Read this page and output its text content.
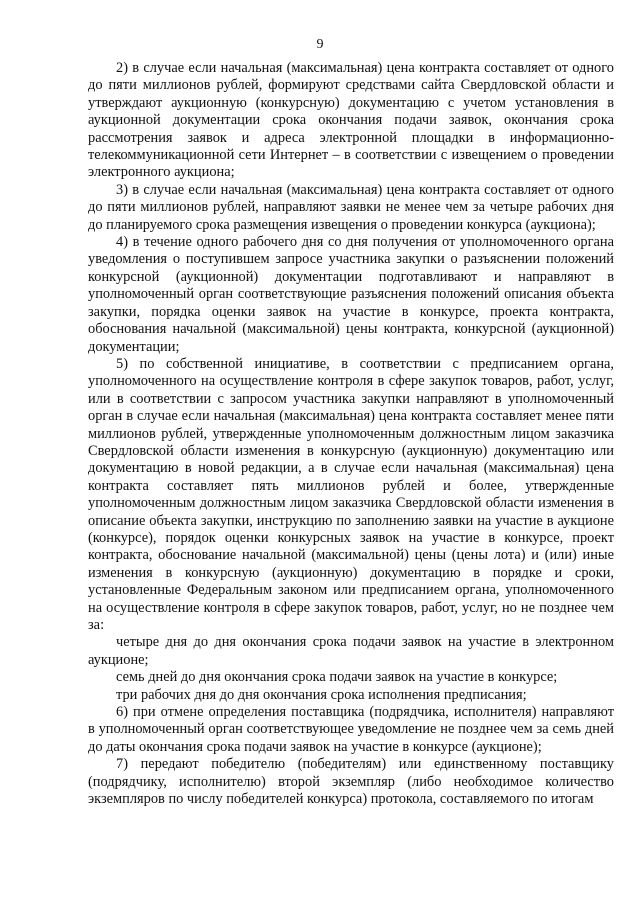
9

2) в случае если начальная (максимальная) цена контракта составляет от одного до пяти миллионов рублей, формируют средствами сайта Свердловской области и утверждают аукционную (конкурсную) документацию с учетом установления в аукционной документации срока окончания подачи заявок, окончания срока рассмотрения заявок и адреса электронной площадки в информационно-телекоммуникационной сети Интернет – в соответствии с извещением о проведении электронного аукциона;

3) в случае если начальная (максимальная) цена контракта составляет от одного до пяти миллионов рублей, направляют заявки не менее чем за четыре рабочих дня до планируемого срока размещения извещения о проведении конкурса (аукциона);

4) в течение одного рабочего дня со дня получения от уполномоченного органа уведомления о поступившем запросе участника закупки о разъяснении положений конкурсной (аукционной) документации подготавливают и направляют в уполномоченный орган соответствующие разъяснения положений описания объекта закупки, порядка оценки заявок на участие в конкурсе, проекта контракта, обоснования начальной (максимальной) цены контракта, конкурсной (аукционной) документации;

5) по собственной инициативе, в соответствии с предписанием органа, уполномоченного на осуществление контроля в сфере закупок товаров, работ, услуг, или в соответствии с запросом участника закупки направляют в уполномоченный орган в случае если начальная (максимальная) цена контракта составляет менее пяти миллионов рублей, утвержденные уполномоченным должностным лицом заказчика Свердловской области изменения в конкурсную (аукционную) документацию или документацию в новой редакции, а в случае если начальная (максимальная) цена контракта составляет пять миллионов рублей и более, утвержденные уполномоченным должностным лицом заказчика Свердловской области изменения в описание объекта закупки, инструкцию по заполнению заявки на участие в аукционе (конкурсе), порядок оценки конкурсных заявок на участие в конкурсе, проект контракта, обоснование начальной (максимальной) цены (цены лота) и (или) иные изменения в конкурсную (аукционную) документацию в порядке и сроки, установленные Федеральным законом или предписанием органа, уполномоченного на осуществление контроля в сфере закупок товаров, работ, услуг, но не позднее чем за:

четыре дня до дня окончания срока подачи заявок на участие в электронном аукционе;

семь дней до дня окончания срока подачи заявок на участие в конкурсе;

три рабочих дня до дня окончания срока исполнения предписания;

6) при отмене определения поставщика (подрядчика, исполнителя) направляют в уполномоченный орган соответствующее уведомление не позднее чем за семь дней до даты окончания срока подачи заявок на участие в конкурсе (аукционе);

7) передают победителю (победителям) или единственному поставщику (подрядчику, исполнителю) второй экземпляр (либо необходимое количество экземпляров по числу победителей конкурса) протокола, составляемого по итогам
